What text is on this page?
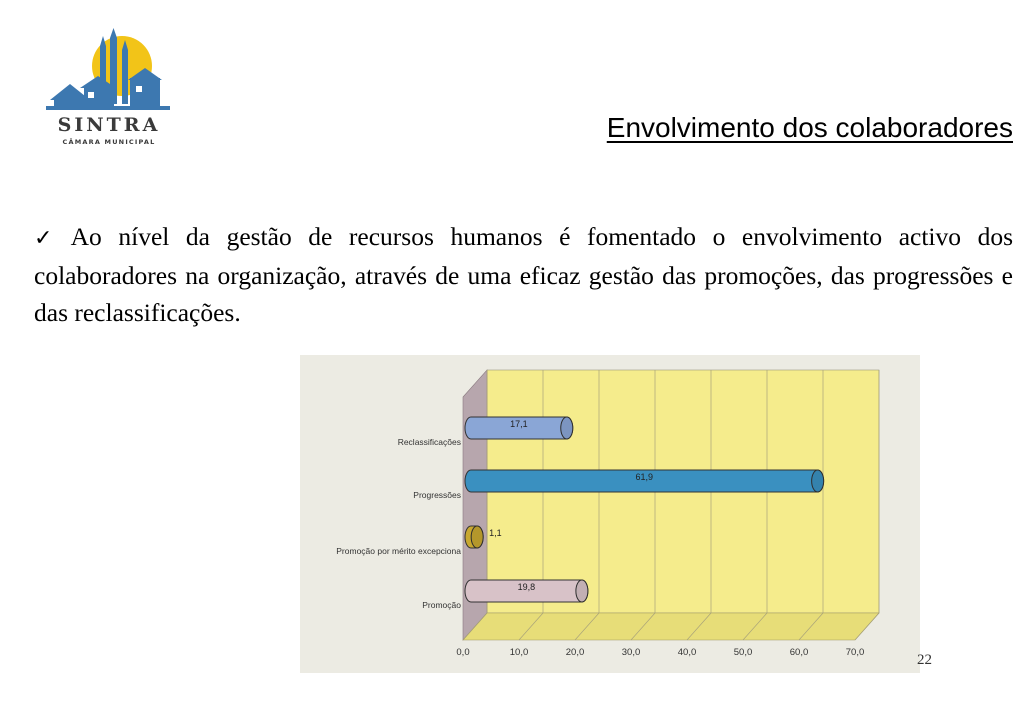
SINTRA
CÂMARA MUNICIPAL	Envolvimento dos colaboradores
✓ Ao nível da gestão de recursos humanos é fomentado o envolvimento activo dos colaboradores na organização, através de uma eficaz gestão das promoções, das progressões e das reclassificações.
0,0	10,0	20,0	30,0	40,0	50,0	60,0	70,0
17,1
Reclassificações
61,9
Progressões
1,1
Promoção por mérito excepciona
19,8
Promoção
22
